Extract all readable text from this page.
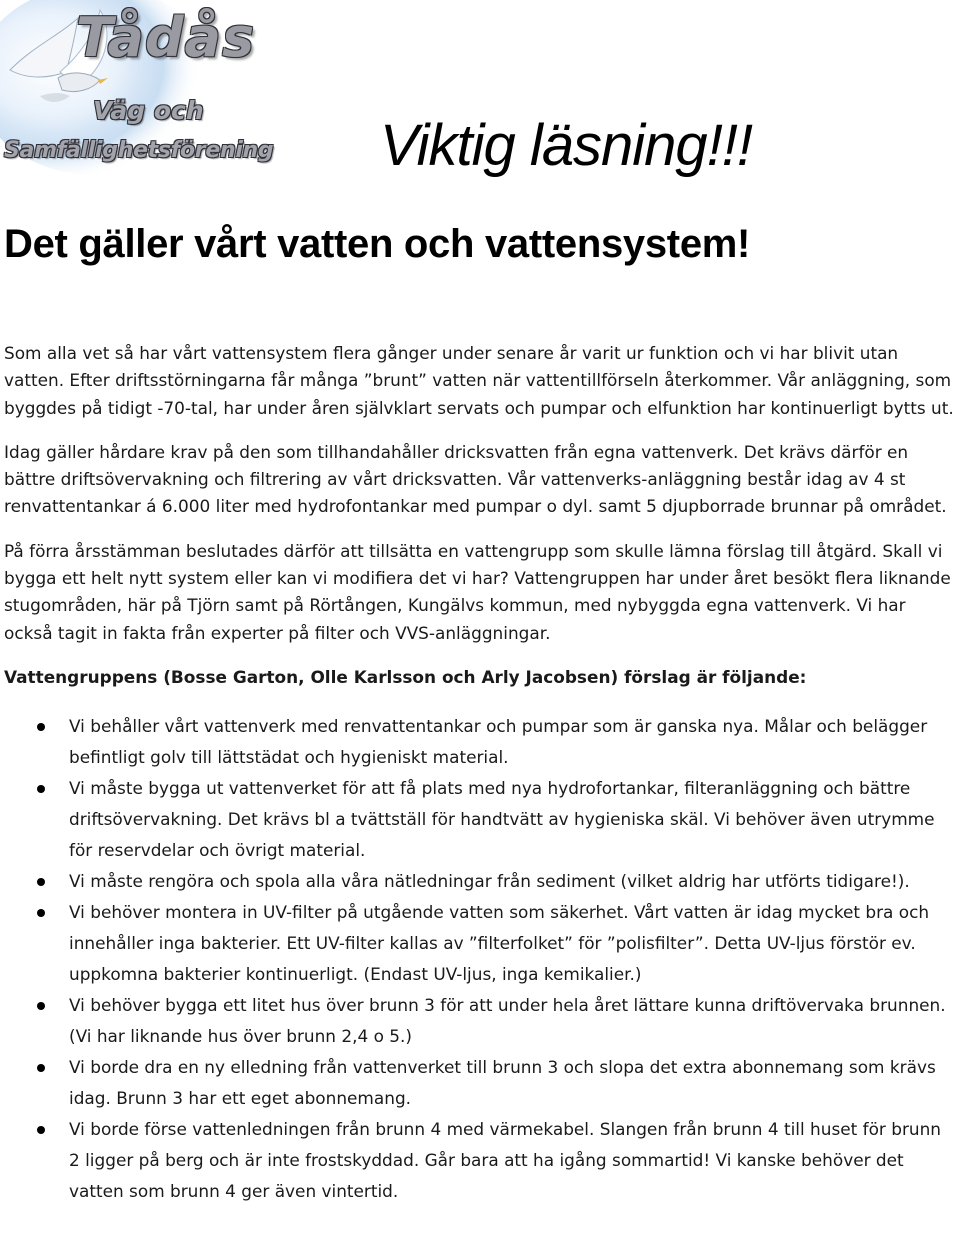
Tådås
Väg och
Samfällighetsförening Viktig läsning!!!
Det gäller vårt vatten och vattensystem!

Som alla vet så har vårt vattensystem flera gånger under senare år varit ur funktion och vi har blivit utan vatten. Efter driftsstörningarna får många ”brunt” vatten när vattentillförseln återkommer. Vår anläggning, som byggdes på tidigt -70-tal, har under åren självklart servats och pumpar och elfunktion har kontinuerligt bytts ut.

Idag gäller hårdare krav på den som tillhandahåller dricksvatten från egna vattenverk. Det krävs därför en bättre driftsövervakning och filtrering av vårt dricksvatten. Vår vattenverks-anläggning består idag av 4 st renvattentankar á 6.000 liter med hydrofontankar med pumpar o dyl. samt 5 djupborrade brunnar på området.

På förra årsstämman beslutades därför att tillsätta en vattengrupp som skulle lämna förslag till åtgärd. Skall vi bygga ett helt nytt system eller kan vi modifiera det vi har? Vattengruppen har under året besökt flera liknande stugområden, här på Tjörn samt på Rörtången, Kungälvs kommun, med nybyggda egna vattenverk. Vi har också tagit in fakta från experter på filter och VVS-anläggningar.

Vattengruppens (Bosse Garton, Olle Karlsson och Arly Jacobsen) förslag är följande:

Vi behåller vårt vattenverk med renvattentankar och pumpar som är ganska nya. Målar och belägger befintligt golv till lättstädat och hygieniskt material.
Vi måste bygga ut vattenverket för att få plats med nya hydrofortankar, filteranläggning och bättre driftsövervakning. Det krävs bl a tvättställ för handtvätt av hygieniska skäl. Vi behöver även utrymme för reservdelar och övrigt material.
Vi måste rengöra och spola alla våra nätledningar från sediment (vilket aldrig har utförts tidigare!).
Vi behöver montera in UV-filter på utgående vatten som säkerhet. Vårt vatten är idag mycket bra och innehåller inga bakterier. Ett UV-filter kallas av ”filterfolket” för ”polisfilter”. Detta UV-ljus förstör ev. uppkomna bakterier kontinuerligt. (Endast UV-ljus, inga kemikalier.)
Vi behöver bygga ett litet hus över brunn 3 för att under hela året lättare kunna driftövervaka brunnen. (Vi har liknande hus över brunn 2,4 o 5.)
Vi borde dra en ny elledning från vattenverket till brunn 3 och slopa det extra abonnemang som krävs idag. Brunn 3 har ett eget abonnemang.
Vi borde förse vattenledningen från brunn 4 med värmekabel. Slangen från brunn 4 till huset för brunn 2 ligger på berg och är inte frostskyddad. Går bara att ha igång sommartid! Vi kanske behöver det vatten som brunn 4 ger även vintertid.
